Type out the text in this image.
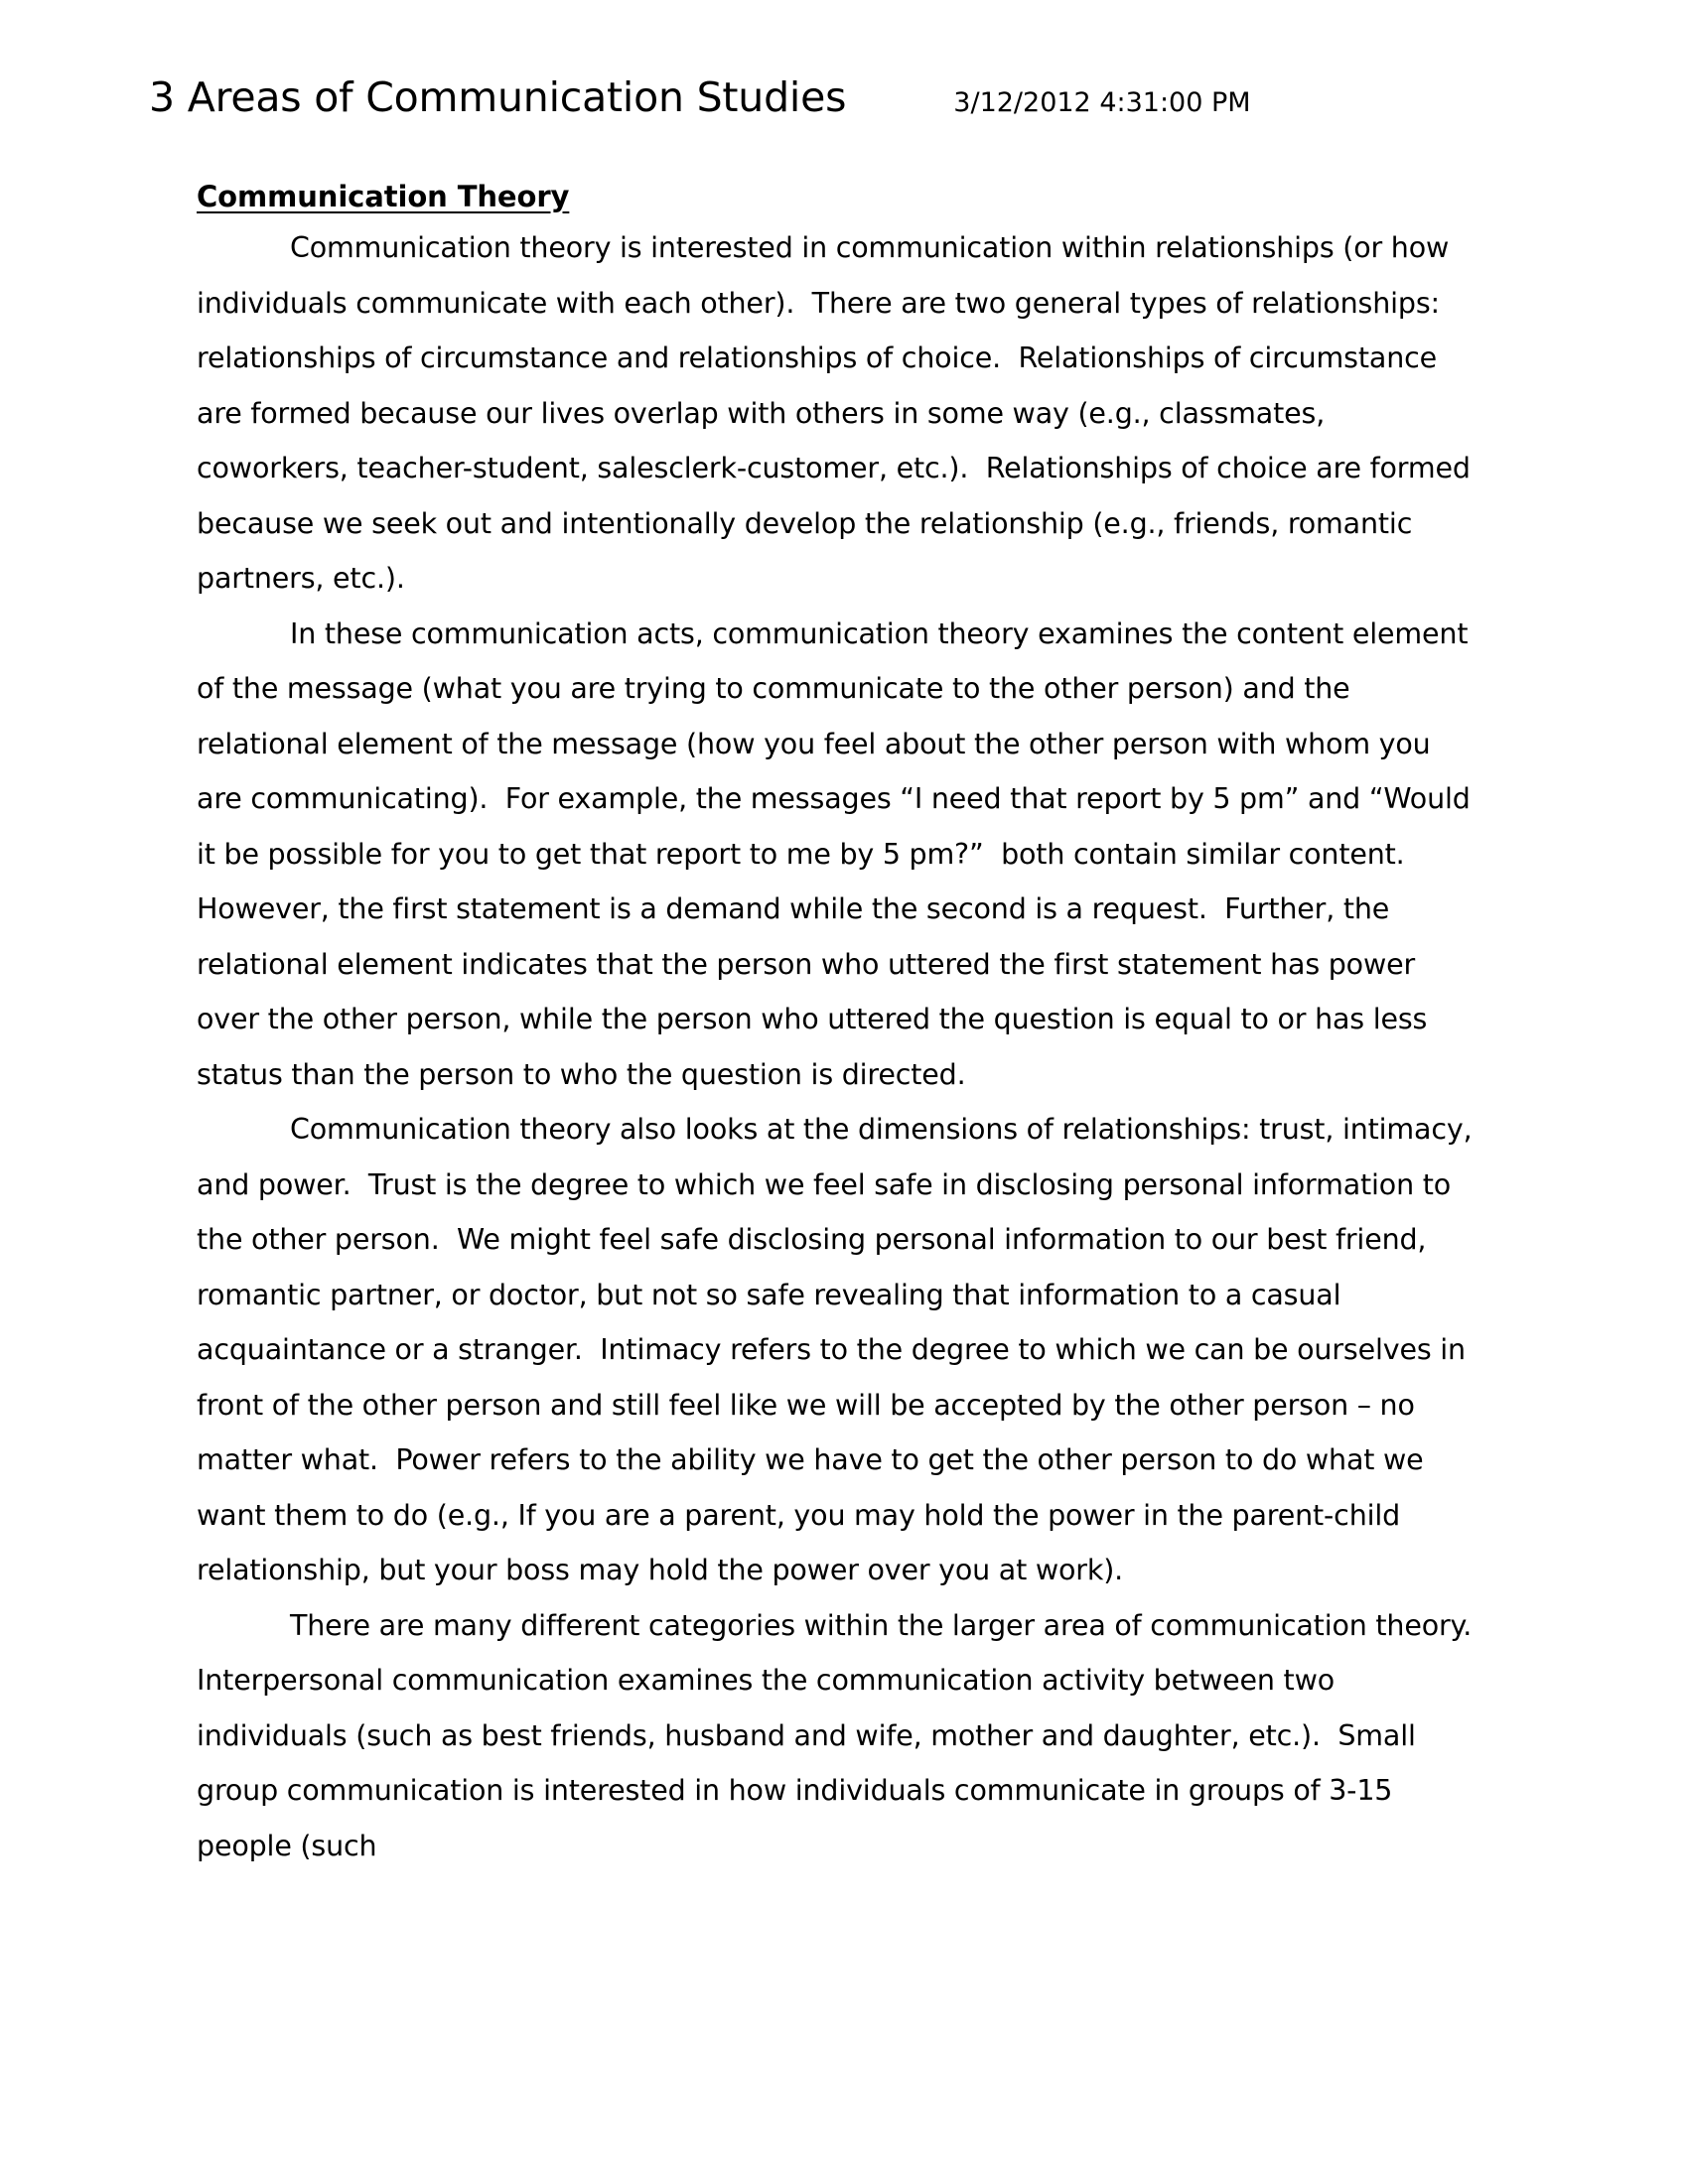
3 Areas of Communication Studies	3/12/2012 4:31:00 PM
Communication Theory

Communication theory is interested in communication within relationships (or how individuals communicate with each other).  There are two general types of relationships: relationships of circumstance and relationships of choice.  Relationships of circumstance are formed because our lives overlap with others in some way (e.g., classmates, coworkers, teacher-student, salesclerk-customer, etc.).  Relationships of choice are formed because we seek out and intentionally develop the relationship (e.g., friends, romantic partners, etc.).

In these communication acts, communication theory examines the content element of the message (what you are trying to communicate to the other person) and the relational element of the message (how you feel about the other person with whom you are communicating).  For example, the messages “I need that report by 5 pm” and “Would it be possible for you to get that report to me by 5 pm?”  both contain similar content.  However, the first statement is a demand while the second is a request.  Further, the relational element indicates that the person who uttered the first statement has power over the other person, while the person who uttered the question is equal to or has less status than the person to who the question is directed.

Communication theory also looks at the dimensions of relationships: trust, intimacy, and power.  Trust is the degree to which we feel safe in disclosing personal information to the other person.  We might feel safe disclosing personal information to our best friend, romantic partner, or doctor, but not so safe revealing that information to a casual acquaintance or a stranger.  Intimacy refers to the degree to which we can be ourselves in front of the other person and still feel like we will be accepted by the other person – no matter what.  Power refers to the ability we have to get the other person to do what we want them to do (e.g., If you are a parent, you may hold the power in the parent-child relationship, but your boss may hold the power over you at work).

There are many different categories within the larger area of communication theory.  Interpersonal communication examines the communication activity between two individuals (such as best friends, husband and wife, mother and daughter, etc.).  Small group communication is interested in how individuals communicate in groups of 3-15 people (such
